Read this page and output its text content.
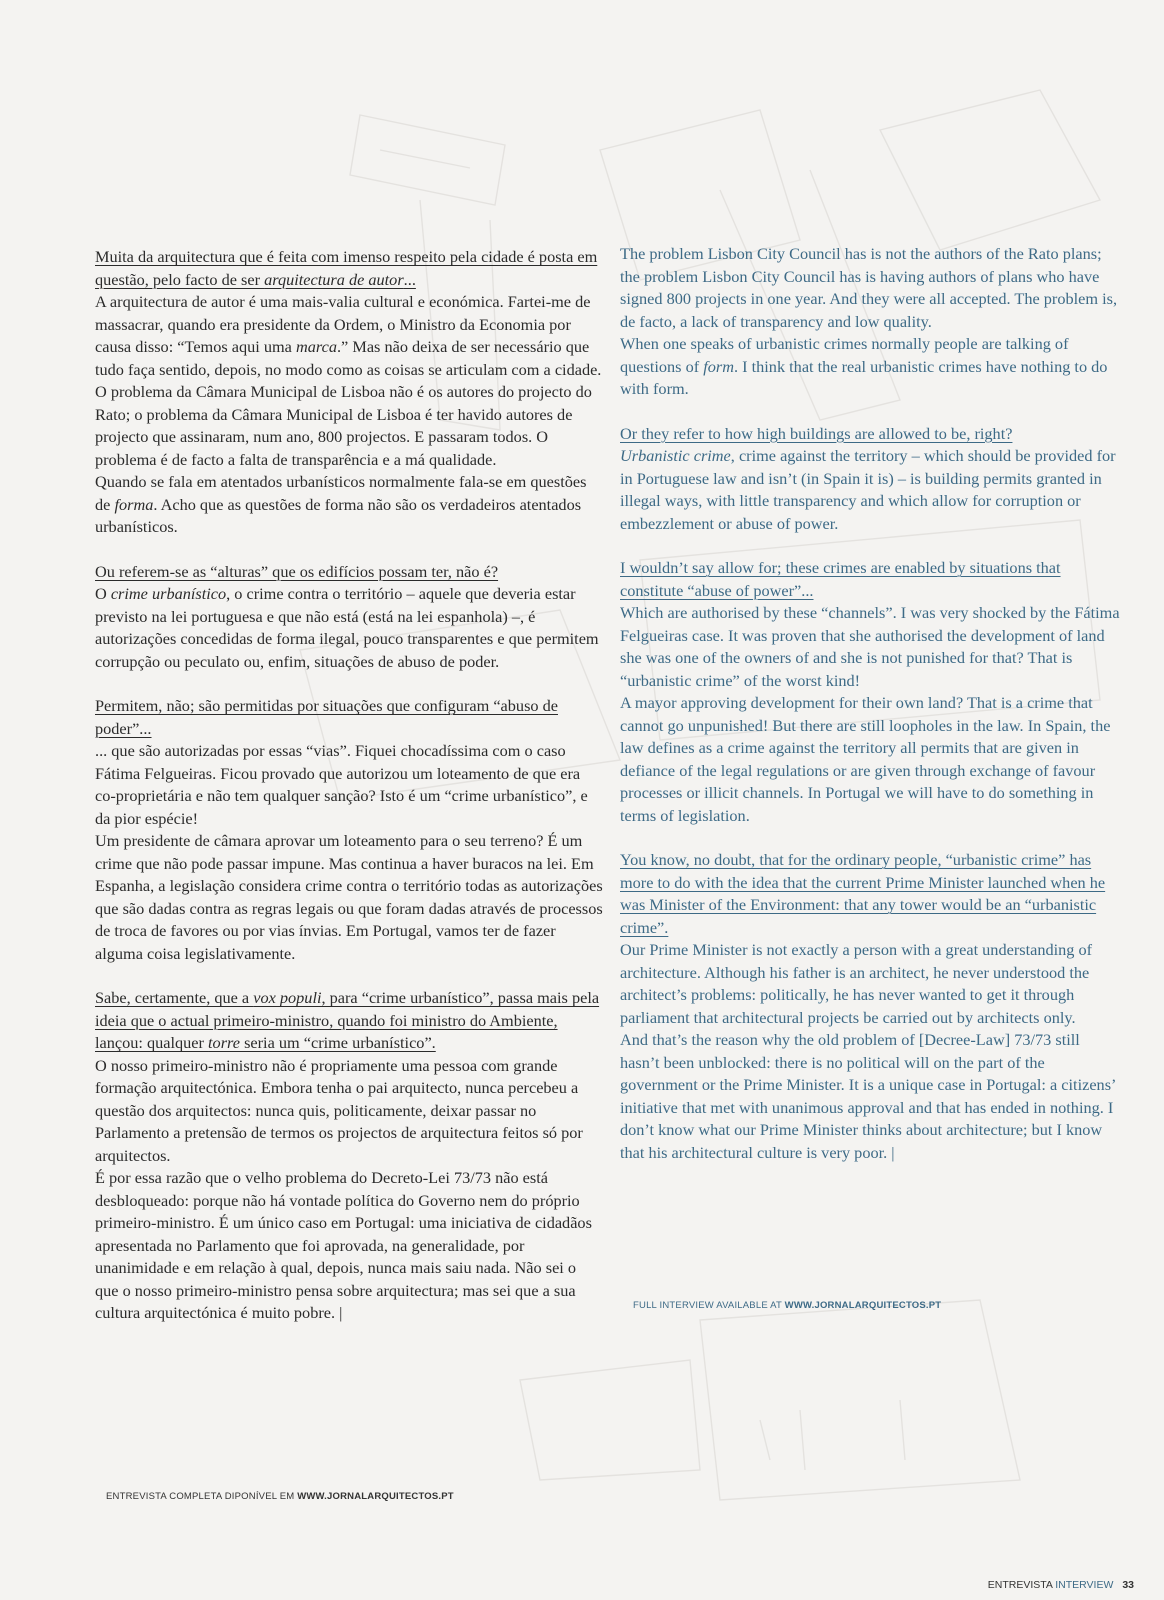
Muita da arquitectura que é feita com imenso respeito pela cidade é posta em questão, pelo facto de ser arquitectura de autor...

A arquitectura de autor é uma mais-valia cultural e económica. Fartei-me de massacrar, quando era presidente da Ordem, o Ministro da Economia por causa disso: “Temos aqui uma marca.” Mas não deixa de ser necessário que tudo faça sentido, depois, no modo como as coisas se articulam com a cidade.

O problema da Câmara Municipal de Lisboa não é os autores do projecto do Rato; o problema da Câmara Municipal de Lisboa é ter havido autores de projecto que assinaram, num ano, 800 projectos. E passaram todos. O problema é de facto a falta de transparência e a má qualidade.

Quando se fala em atentados urbanísticos normalmente fala-se em questões de forma. Acho que as questões de forma não são os verdadeiros atentados urbanísticos.

Ou referem-se as “alturas” que os edifícios possam ter, não é?

O crime urbanístico, o crime contra o território – aquele que deveria estar previsto na lei portuguesa e que não está (está na lei espanhola) –, é autorizações concedidas de forma ilegal, pouco transparentes e que permitem corrupção ou peculato ou, enfim, situações de abuso de poder.

Permitem, não; são permitidas por situações que configuram “abuso de poder”...

... que são autorizadas por essas “vias”. Fiquei chocadíssima com o caso Fátima Felgueiras. Ficou provado que autorizou um loteamento de que era co-proprietária e não tem qualquer sanção? Isto é um “crime urbanístico”, e da pior espécie!

Um presidente de câmara aprovar um loteamento para o seu terreno? É um crime que não pode passar impune. Mas continua a haver buracos na lei. Em Espanha, a legislação considera crime contra o território todas as autorizações que são dadas contra as regras legais ou que foram dadas através de processos de troca de favores ou por vias ínvias. Em Portugal, vamos ter de fazer alguma coisa legislativamente.

Sabe, certamente, que a vox populi, para “crime urbanístico”, passa mais pela ideia que o actual primeiro-ministro, quando foi ministro do Ambiente, lançou: qualquer torre seria um “crime urbanístico”.

O nosso primeiro-ministro não é propriamente uma pessoa com grande formação arquitectónica. Embora tenha o pai arquitecto, nunca percebeu a questão dos arquitectos: nunca quis, politicamente, deixar passar no Parlamento a pretensão de termos os projectos de arquitectura feitos só por arquitectos.

É por essa razão que o velho problema do Decreto-Lei 73/73 não está desbloqueado: porque não há vontade política do Governo nem do próprio primeiro-ministro. É um único caso em Portugal: uma iniciativa de cidadãos apresentada no Parlamento que foi aprovada, na generalidade, por unanimidade e em relação à qual, depois, nunca mais saiu nada. Não sei o que o nosso primeiro-ministro pensa sobre arquitectura; mas sei que a sua cultura arquitectónica é muito pobre. |

The problem Lisbon City Council has is not the authors of the Rato plans; the problem Lisbon City Council has is having authors of plans who have signed 800 projects in one year. And they were all accepted. The problem is, de facto, a lack of transparency and low quality.

When one speaks of urbanistic crimes normally people are talking of questions of form. I think that the real urbanistic crimes have nothing to do with form.

Or they refer to how high buildings are allowed to be, right?

Urbanistic crime, crime against the territory – which should be provided for in Portuguese law and isn’t (in Spain it is) – is building permits granted in illegal ways, with little transparency and which allow for corruption or embezzlement or abuse of power.

I wouldn’t say allow for; these crimes are enabled by situations that constitute “abuse of power”...

Which are authorised by these “channels”. I was very shocked by the Fátima Felgueiras case. It was proven that she authorised the development of land she was one of the owners of and she is not punished for that? That is “urbanistic crime” of the worst kind!

A mayor approving development for their own land? That is a crime that cannot go unpunished! But there are still loopholes in the law. In Spain, the law defines as a crime against the territory all permits that are given in defiance of the legal regulations or are given through exchange of favour processes or illicit channels. In Portugal we will have to do something in terms of legislation.

You know, no doubt, that for the ordinary people, “urbanistic crime” has more to do with the idea that the current Prime Minister launched when he was Minister of the Environment: that any tower would be an “urbanistic crime”.

Our Prime Minister is not exactly a person with a great understanding of architecture. Although his father is an architect, he never understood the architect’s problems: politically, he has never wanted to get it through parliament that architectural projects be carried out by architects only.

And that’s the reason why the old problem of [Decree-Law] 73/73 still hasn’t been unblocked: there is no political will on the part of the government or the Prime Minister. It is a unique case in Portugal: a citizens’ initiative that met with unanimous approval and that has ended in nothing. I don’t know what our Prime Minister thinks about architecture; but I know that his architectural culture is very poor. |

FULL INTERVIEW AVAILABLE AT WWW.JORNALARQUITECTOS.PT
ENTREVISTA COMPLETA DIPONÍVEL EM WWW.JORNALARQUITECTOS.PT
ENTREVISTA INTERVIEW 33
